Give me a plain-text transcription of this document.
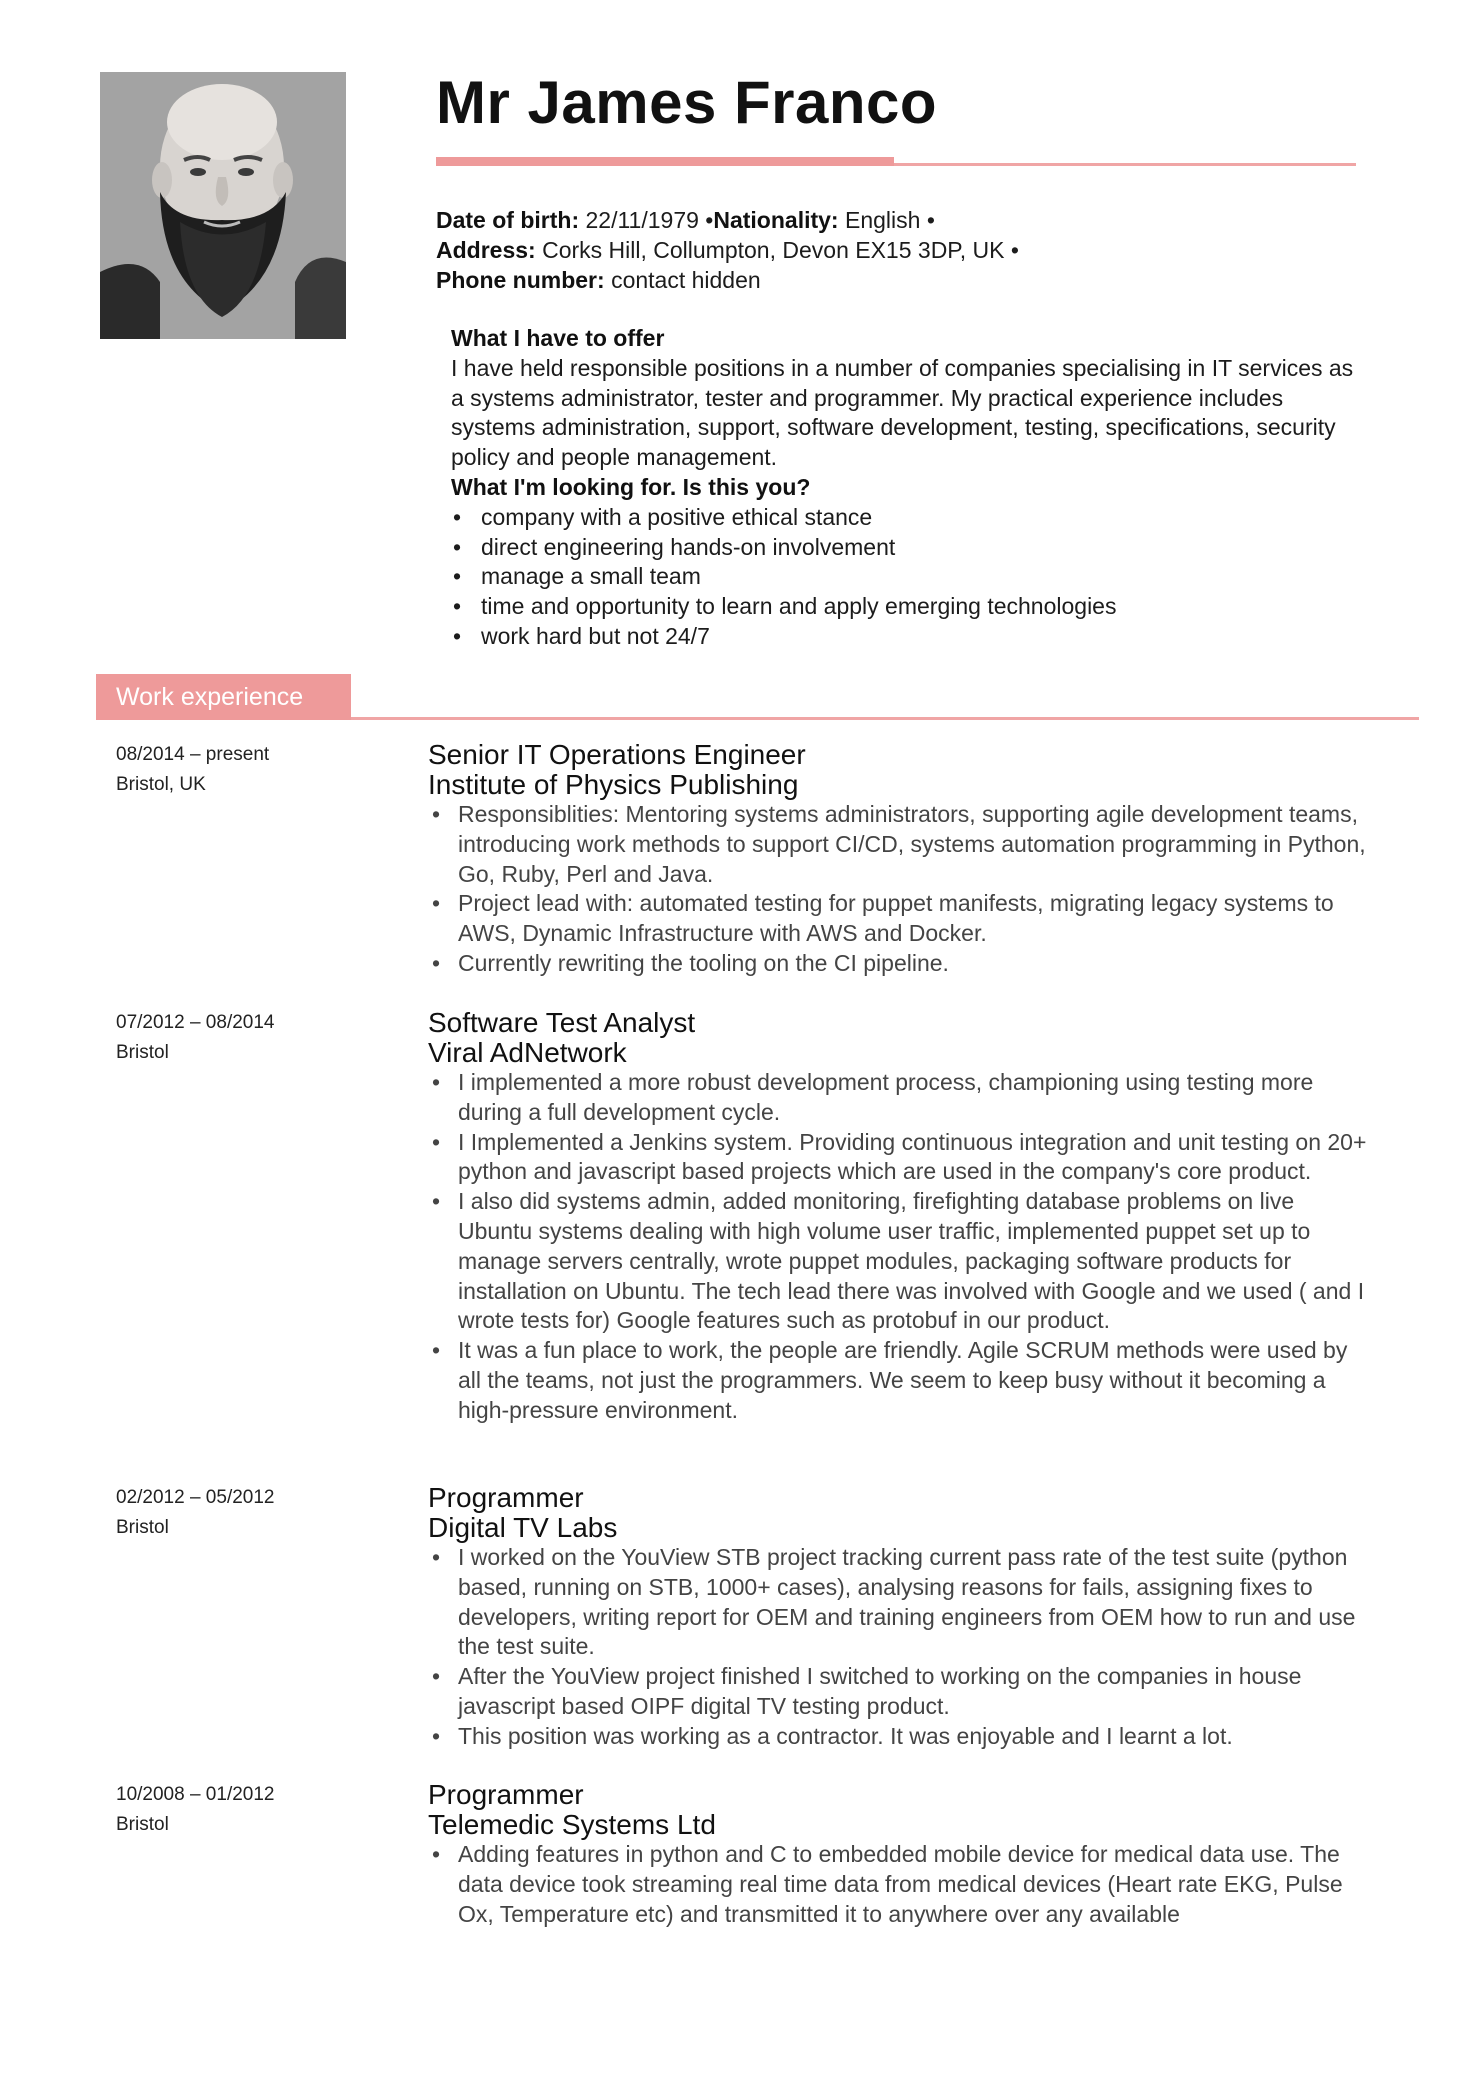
Mr James Franco
Date of birth: 22/11/1979 •Nationality: English •
Address: Corks Hill, Collumpton, Devon EX15 3DP, UK •
Phone number: contact hidden
What I have to offer
I have held responsible positions in a number of companies specialising in IT services as a systems administrator, tester and programmer. My practical experience includes systems administration, support, software development, testing, specifications, security policy and people management.
What I'm looking for. Is this you?
• company with a positive ethical stance
• direct engineering hands-on involvement
• manage a small team
• time and opportunity to learn and apply emerging technologies
• work hard but not 24/7
Work experience
08/2014 – present
Bristol, UK
Senior IT Operations Engineer
Institute of Physics Publishing
• Responsiblities: Mentoring systems administrators, supporting agile development teams, introducing work methods to support CI/CD, systems automation programming in Python, Go, Ruby, Perl and Java.
• Project lead with: automated testing for puppet manifests, migrating legacy systems to AWS, Dynamic Infrastructure with AWS and Docker.
• Currently rewriting the tooling on the CI pipeline.
07/2012 – 08/2014
Bristol
Software Test Analyst
Viral AdNetwork
• I implemented a more robust development process, championing using testing more during a full development cycle.
• I Implemented a Jenkins system. Providing continuous integration and unit testing on 20+ python and javascript based projects which are used in the company's core product.
• I also did systems admin, added monitoring, firefighting database problems on live Ubuntu systems dealing with high volume user traffic, implemented puppet set up to manage servers centrally, wrote puppet modules, packaging software products for installation on Ubuntu. The tech lead there was involved with Google and we used ( and I wrote tests for) Google features such as protobuf in our product.
• It was a fun place to work, the people are friendly. Agile SCRUM methods were used by all the teams, not just the programmers. We seem to keep busy without it becoming a high-pressure environment.
02/2012 – 05/2012
Bristol
Programmer
Digital TV Labs
• I worked on the YouView STB project tracking current pass rate of the test suite (python based, running on STB, 1000+ cases), analysing reasons for fails, assigning fixes to developers, writing report for OEM and training engineers from OEM how to run and use the test suite.
• After the YouView project finished I switched to working on the companies in house javascript based OIPF digital TV testing product.
• This position was working as a contractor. It was enjoyable and I learnt a lot.
10/2008 – 01/2012
Bristol
Programmer
Telemedic Systems Ltd
• Adding features in python and C to embedded mobile device for medical data use. The data device took streaming real time data from medical devices (Heart rate EKG, Pulse Ox, Temperature etc) and transmitted it to anywhere over any available
